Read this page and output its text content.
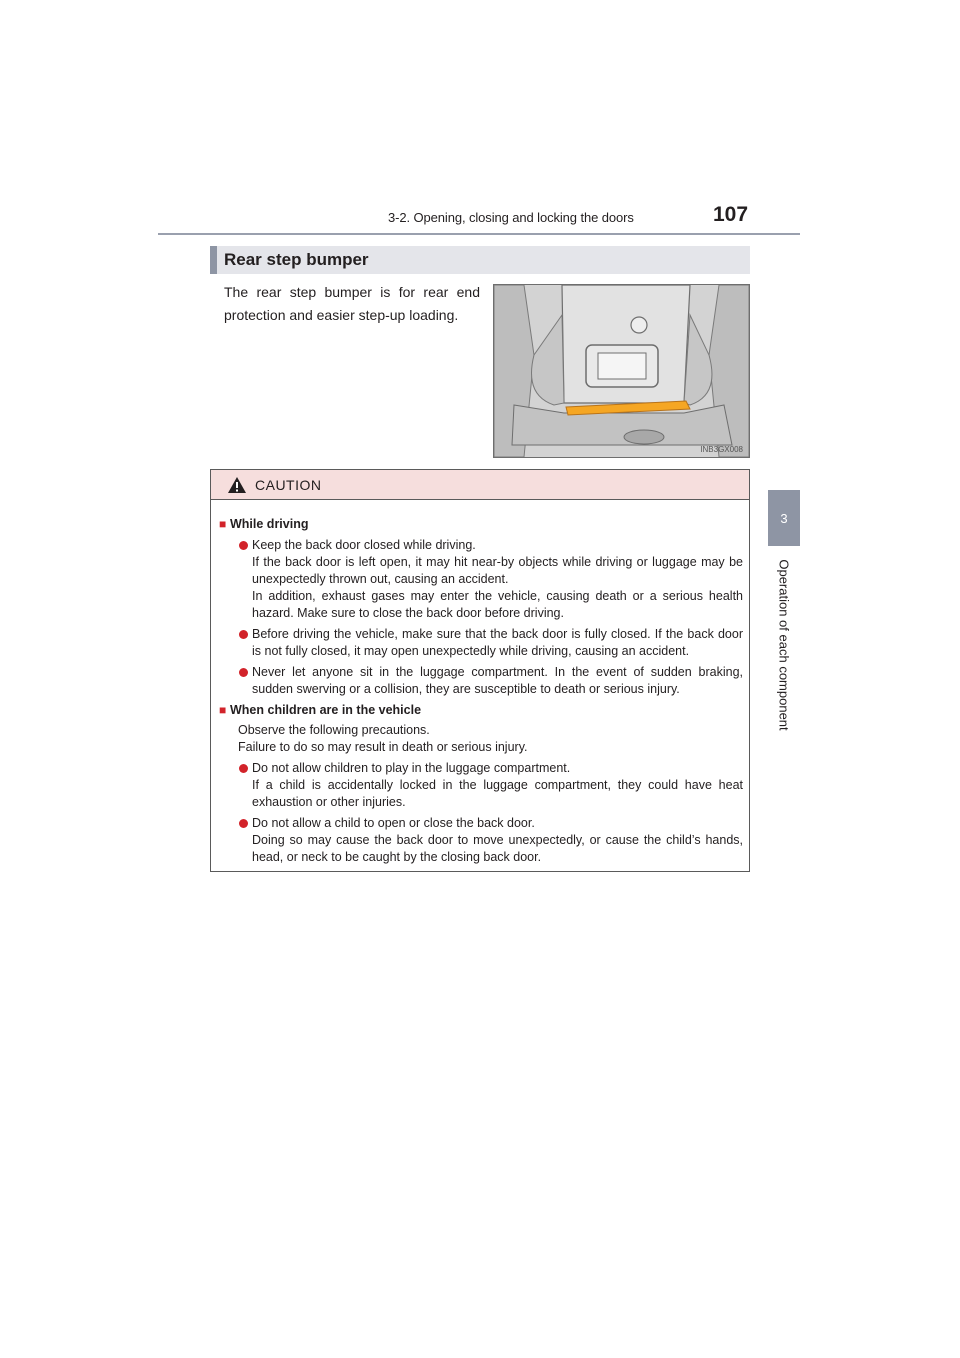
3-2. Opening, closing and locking the doors	107
3
Operation of each component
Rear step bumper
The rear step bumper is for rear end protection and easier step-up loading.
INB3GX008
CAUTION
■ While driving

Keep the back door closed while driving.

If the back door is left open, it may hit near-by objects while driving or luggage may be unexpectedly thrown out, causing an accident.

In addition, exhaust gases may enter the vehicle, causing death or a serious health hazard. Make sure to close the back door before driving.

Before driving the vehicle, make sure that the back door is fully closed. If the back door is not fully closed, it may open unexpectedly while driving, causing an accident.

Never let anyone sit in the luggage compartment. In the event of sudden braking, sudden swerving or a collision, they are susceptible to death or serious injury.

■ When children are in the vehicle

Observe the following precautions.

Failure to do so may result in death or serious injury.

Do not allow children to play in the luggage compartment.

If a child is accidentally locked in the luggage compartment, they could have heat exhaustion or other injuries.

Do not allow a child to open or close the back door.

Doing so may cause the back door to move unexpectedly, or cause the child’s hands, head, or neck to be caught by the closing back door.
